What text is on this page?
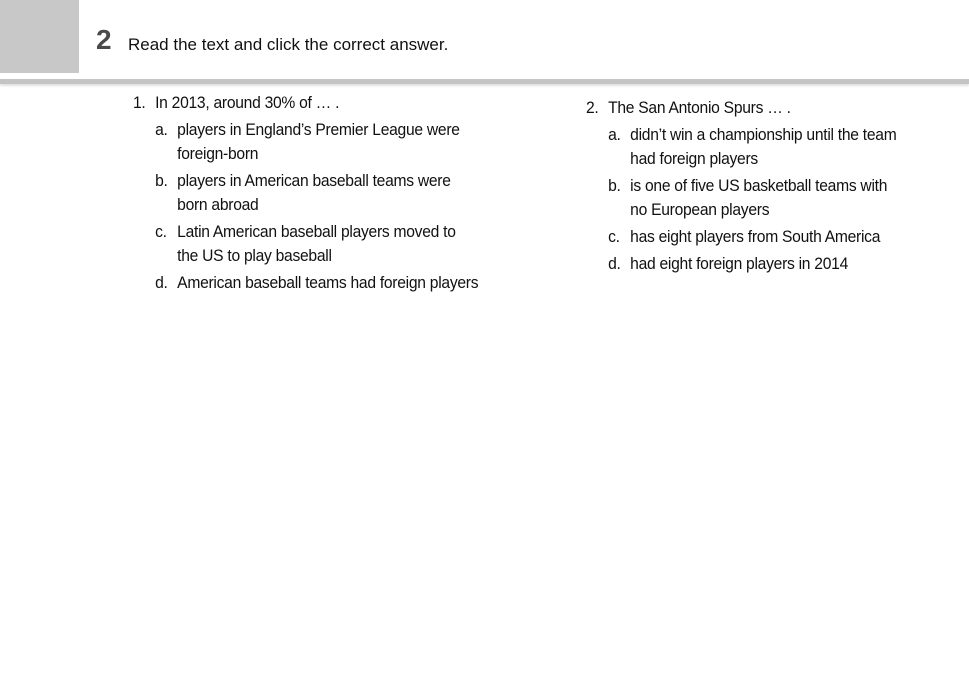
2 Read the text and click the correct answer.
1. In 2013, around 30% of … .
a. players in England’s Premier League were
foreign-born
b. players in American baseball teams were
born abroad
c. Latin American baseball players moved to
the US to play baseball
d. American baseball teams had foreign players
2. The San Antonio Spurs … .
a. didn’t win a championship until the team
had foreign players
b. is one of five US basketball teams with
no European players
c. has eight players from South America
d. had eight foreign players in 2014
